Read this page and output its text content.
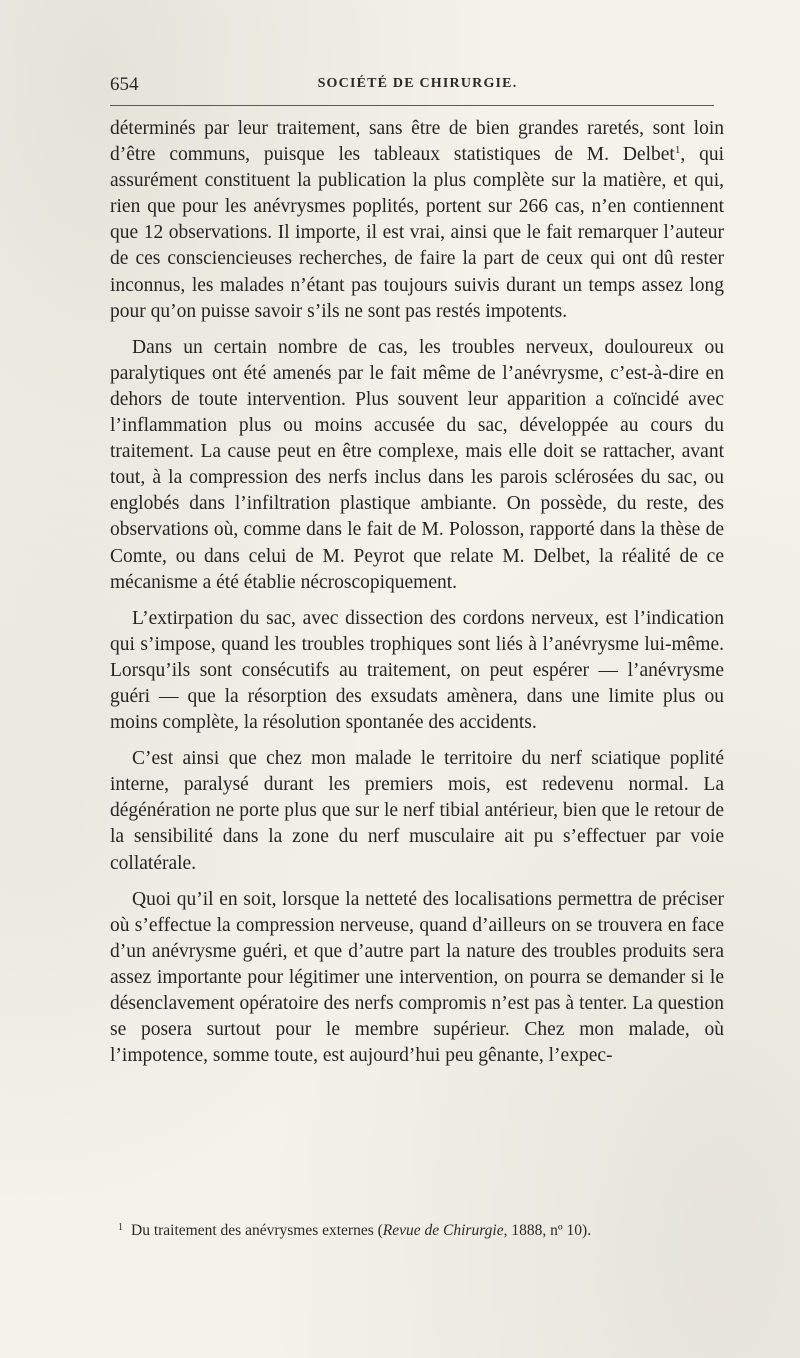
654	SOCIÉTÉ DE CHIRURGIE.

déterminés par leur traitement, sans être de bien grandes raretés, sont loin d’être communs, puisque les tableaux statistiques de M. Delbet$^1$, qui assurément constituent la publication la plus complète sur la matière, et qui, rien que pour les anévrysmes poplités, portent sur 266 cas, n’en contiennent que 12 observations. Il importe, il est vrai, ainsi que le fait remarquer l’auteur de ces consciencieuses recherches, de faire la part de ceux qui ont dû rester inconnus, les malades n’étant pas toujours suivis durant un temps assez long pour qu’on puisse savoir s’ils ne sont pas restés impotents.

Dans un certain nombre de cas, les troubles nerveux, douloureux ou paralytiques ont été amenés par le fait même de l’anévrysme, c’est-à-dire en dehors de toute intervention. Plus souvent leur apparition a coïncidé avec l’inflammation plus ou moins accusée du sac, développée au cours du traitement. La cause peut en être complexe, mais elle doit se rattacher, avant tout, à la compression des nerfs inclus dans les parois sclérosées du sac, ou englobés dans l’infiltration plastique ambiante. On possède, du reste, des observations où, comme dans le fait de M. Polosson, rapporté dans la thèse de Comte, ou dans celui de M. Peyrot que relate M. Delbet, la réalité de ce mécanisme a été établie nécroscopiquement.

L’extirpation du sac, avec dissection des cordons nerveux, est l’indication qui s’impose, quand les troubles trophiques sont liés à l’anévrysme lui-même. Lorsqu’ils sont consécutifs au traitement, on peut espérer — l’anévrysme guéri — que la résorption des exsudats amènera, dans une limite plus ou moins complète, la résolution spontanée des accidents.

C’est ainsi que chez mon malade le territoire du nerf sciatique poplité interne, paralysé durant les premiers mois, est redevenu normal. La dégénération ne porte plus que sur le nerf tibial antérieur, bien que le retour de la sensibilité dans la zone du nerf musculaire ait pu s’effectuer par voie collatérale.

Quoi qu’il en soit, lorsque la netteté des localisations permettra de préciser où s’effectue la compression nerveuse, quand d’ailleurs on se trouvera en face d’un anévrysme guéri, et que d’autre part la nature des troubles produits sera assez importante pour légitimer une intervention, on pourra se demander si le désenclavement opératoire des nerfs compromis n’est pas à tenter. La question se posera surtout pour le membre supérieur. Chez mon malade, où l’impotence, somme toute, est aujourd’hui peu gênante, l’expec-

$^1$ Du traitement des anévrysmes externes (Revue de Chirurgie, 1888, nº 10).
